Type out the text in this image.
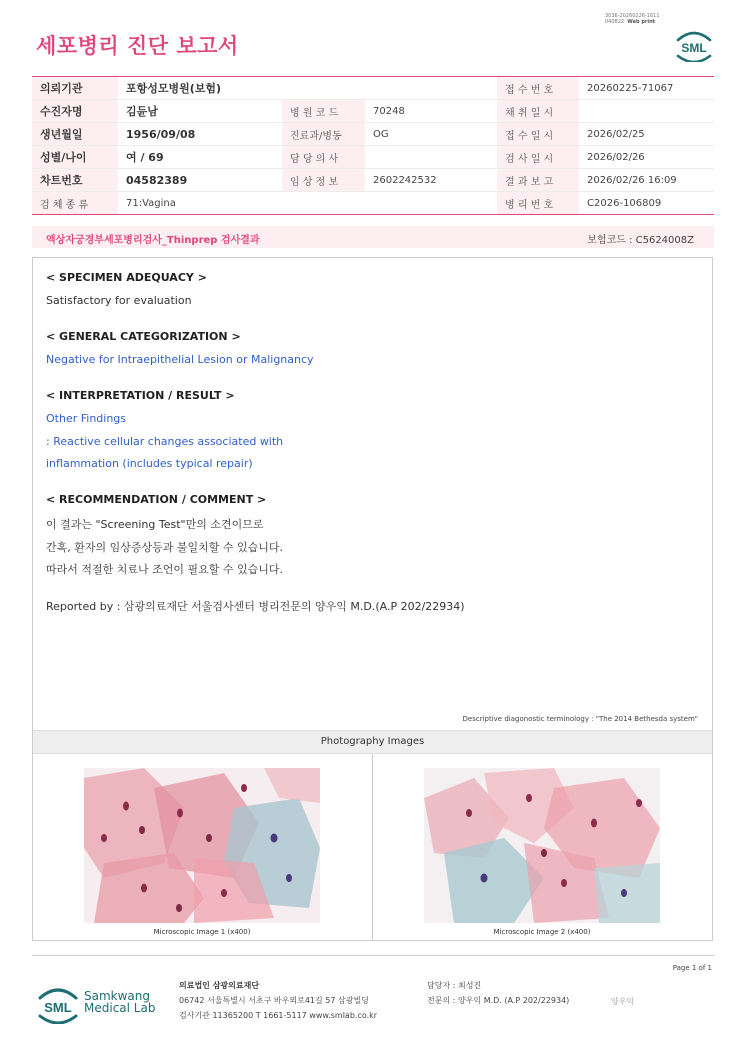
3036-20260226-1611
040822 Web print
세포병리 진단 보고서	SML
의뢰기관	포항성모병원(보험)			접 수 번 호	20260225-71067
수진자명	김듄남	병 원 코 드	70248	채 취 일 시	
생년월일	1956/09/08	진료과/병동	OG	접 수 일 시	2026/02/25
성별/나이	여 / 69	담 당 의 사		검 사 일 시	2026/02/26
차트번호	04582389	임 상 정 보	2602242532	결 과 보 고	2026/02/26 16:09
검 체 종 류	71:Vagina			병 리 번 호	C2026-106809
액상자궁경부세포병리검사_Thinprep 검사결과	보험코드 : C5624008Z
< SPECIMEN ADEQUACY >
Satisfactory for evaluation
< GENERAL CATEGORIZATION >
Negative for Intraepithelial Lesion or Malignancy
< INTERPRETATION / RESULT >
Other Findings
: Reactive cellular changes associated with
inflammation (includes typical repair)
< RECOMMENDATION / COMMENT >
이 결과는 "Screening Test"만의 소견이므로
간혹, 환자의 임상증상등과 불일치할 수 있습니다.
따라서 적절한 치료나 조언이 필요할 수 있습니다.
Reported by : 삼광의료재단 서울검사센터 병리전문의 양우익 M.D.(A.P 202/22934)
Descriptive diagonostic terminology : "The 2014 Bethesda system"
Photography Images
Microscopic Image 1 (x400)	Microscopic Image 2 (x400)
Page 1 of 1
SML
Samkwang
Medical Lab
의료법인 삼광의료재단
06742 서울특별시 서초구 바우뫼로41길 57 삼광빌딩
검사기관 11365200 T 1661-5117 www.smlab.co.kr
담당자 : 최성진
전문의 : 양우익 M.D. (A.P 202/22934)	양우익
